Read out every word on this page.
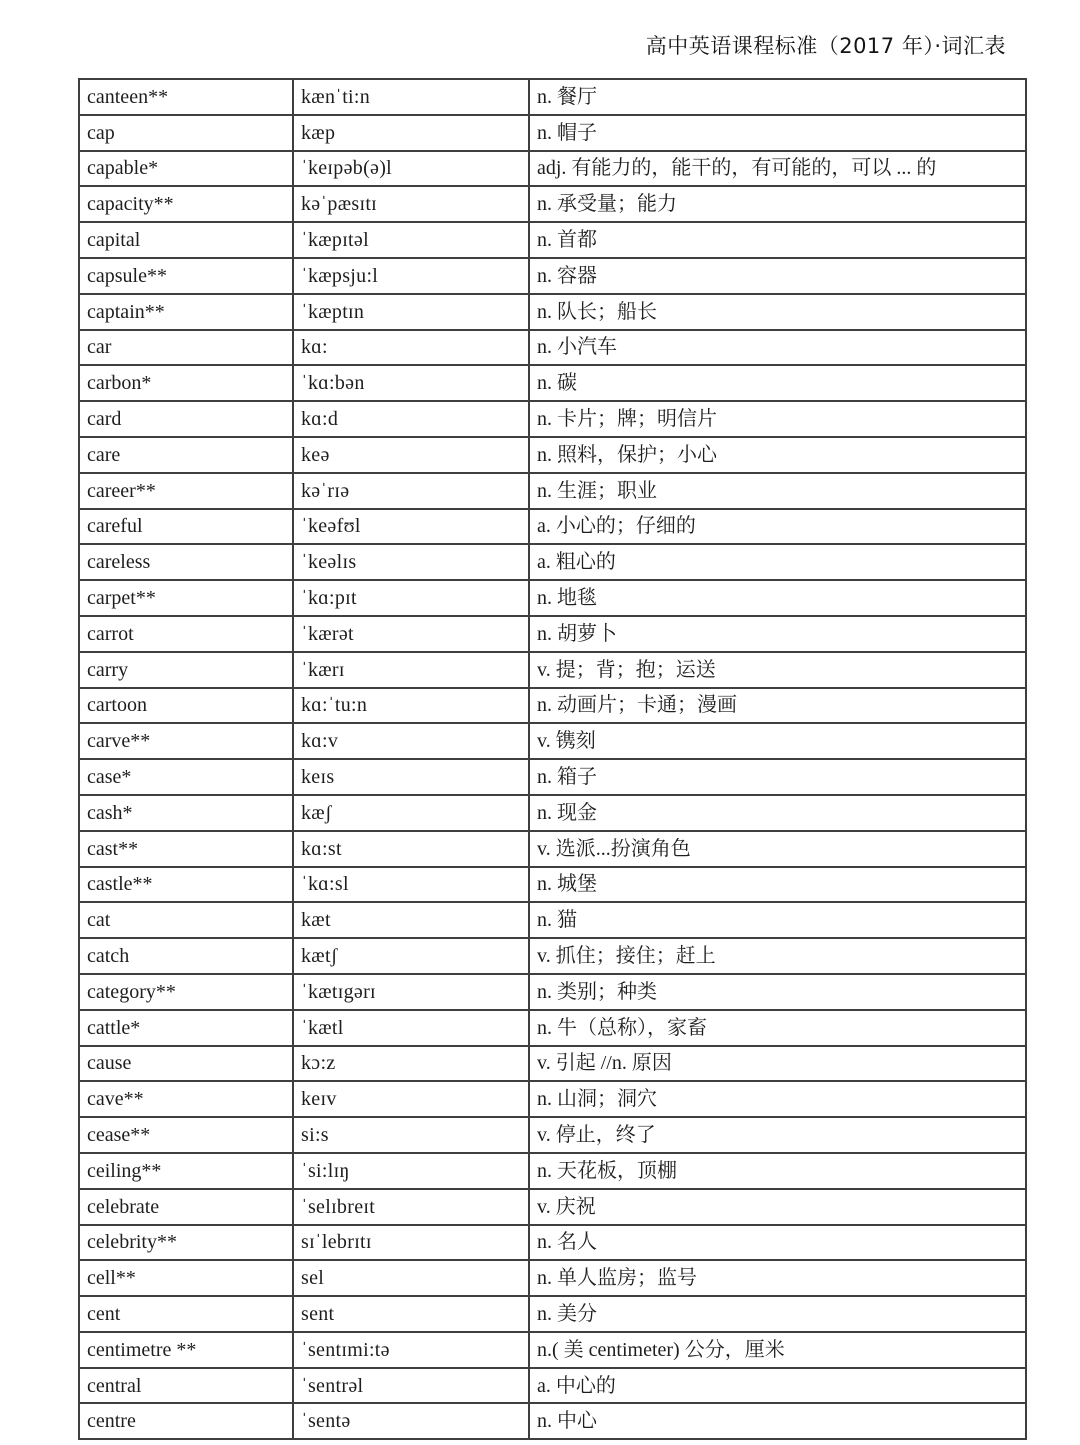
高中英语课程标准（2017 年）·词汇表
canteen**	kænˈti:n	n. 餐厅
cap	kæp	n. 帽子
capable*	ˈkeɪpəb(ə)l	adj. 有能力的，能干的，有可能的，可以 ... 的
capacity**	kəˈpæsɪtɪ	n. 承受量；能力
capital	ˈkæpɪtəl	n. 首都
capsule**	ˈkæpsju:l	n. 容器
captain**	ˈkæptɪn	n. 队长；船长
car	kɑ:	n. 小汽车
carbon*	ˈkɑ:bən	n. 碳
card	kɑ:d	n. 卡片；牌；明信片
care	keə	n. 照料，保护；小心
career**	kəˈrɪə	n. 生涯；职业
careful	ˈkeəfʊl	a. 小心的；仔细的
careless	ˈkeəlɪs	a. 粗心的
carpet**	ˈkɑ:pɪt	n. 地毯
carrot	ˈkærət	n. 胡萝卜
carry	ˈkærɪ	v. 提；背；抱；运送
cartoon	kɑ:ˈtu:n	n. 动画片；卡通；漫画
carve**	kɑ:v	v. 镌刻
case*	keɪs	n. 箱子
cash*	kæʃ	n. 现金
cast**	kɑ:st	v. 选派...扮演角色
castle**	ˈkɑ:sl	n. 城堡
cat	kæt	n. 猫
catch	kætʃ	v. 抓住；接住；赶上
category**	ˈkætɪgərɪ	n. 类别；种类
cattle*	ˈkætl	n. 牛（总称），家畜
cause	kɔ:z	v. 引起 //n. 原因
cave**	keɪv	n. 山洞；洞穴
cease**	si:s	v. 停止，终了
ceiling**	ˈsi:lɪŋ	n. 天花板，顶棚
celebrate	ˈselɪbreɪt	v. 庆祝
celebrity**	sɪˈlebrɪtɪ	n. 名人
cell**	sel	n. 单人监房；监号
cent	sent	n. 美分
centimetre **	ˈsentɪmi:tə	n.( 美 centimeter) 公分，厘米
central	ˈsentrəl	a. 中心的
centre	ˈsentə	n. 中心
